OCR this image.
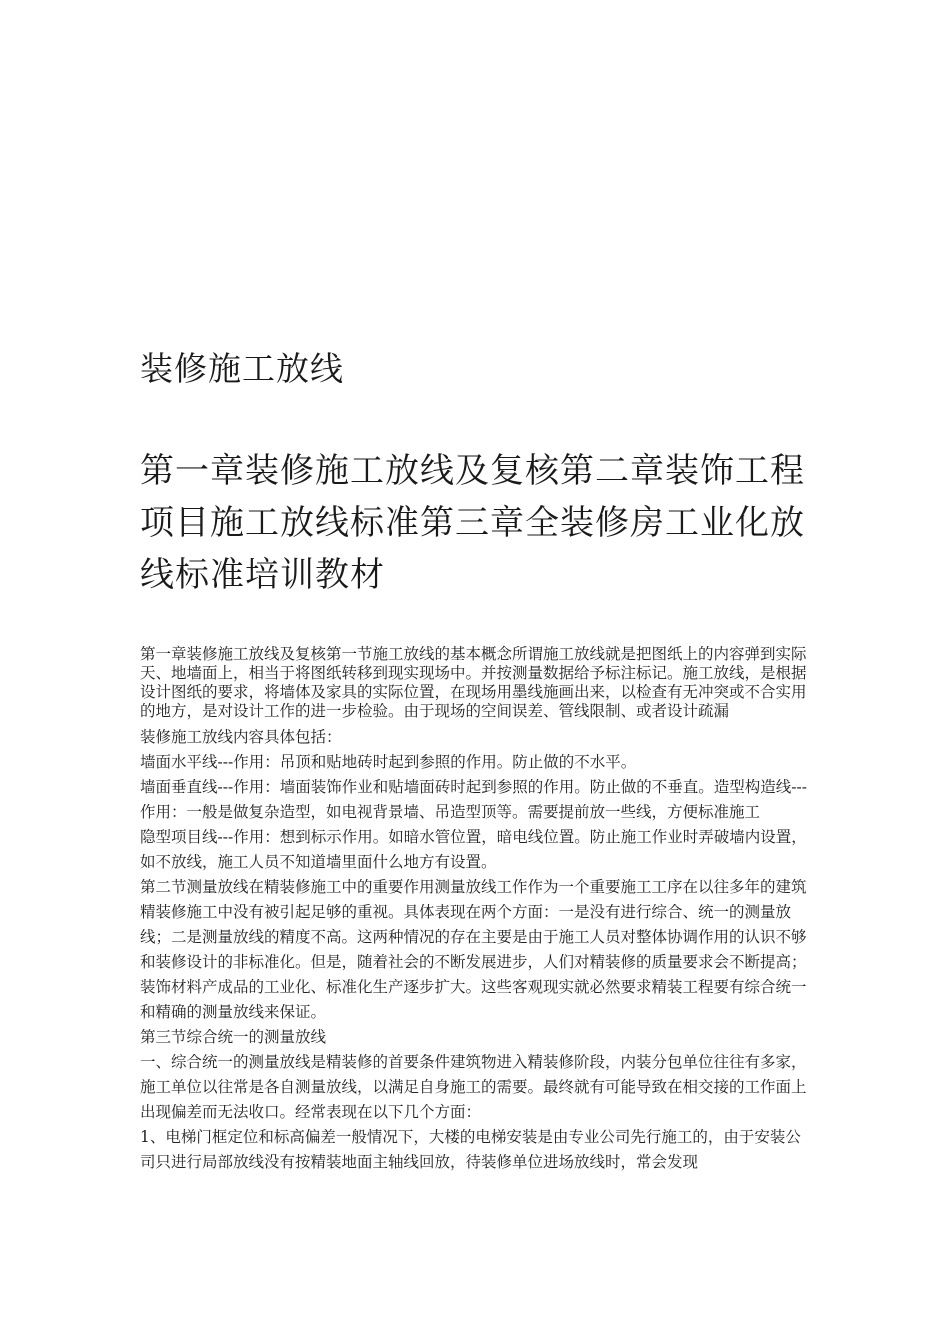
装修施工放线
第一章装修施工放线及复核第二章装饰工程项目施工放线标准第三章全装修房工业化放线标准培训教材

第一章装修施工放线及复核第一节施工放线的基本概念所谓施工放线就是把图纸上的内容弹到实际天、地墙面上，相当于将图纸转移到现实现场中。并按测量数据给予标注标记。施工放线，是根据设计图纸的要求，将墙体及家具的实际位置，在现场用墨线施画出来，以检查有无冲突或不合实用的地方，是对设计工作的进一步检验。由于现场的空间误差、管线限制、或者设计疏漏

装修施工放线内容具体包括：

墙面水平线---作用：吊顶和贴地砖时起到参照的作用。防止做的不水平。

墙面垂直线---作用：墙面装饰作业和贴墙面砖时起到参照的作用。防止做的不垂直。造型构造线---作用：一般是做复杂造型，如电视背景墙、吊造型顶等。需要提前放一些线，方便标准施工

隐型项目线---作用：想到标示作用。如暗水管位置，暗电线位置。防止施工作业时弄破墙内设置，如不放线，施工人员不知道墙里面什么地方有设置。

第二节测量放线在精装修施工中的重要作用测量放线工作作为一个重要施工工序在以往多年的建筑精装修施工中没有被引起足够的重视。具体表现在两个方面：一是没有进行综合、统一的测量放线；二是测量放线的精度不高。这两种情况的存在主要是由于施工人员对整体协调作用的认识不够和装修设计的非标准化。但是，随着社会的不断发展进步，人们对精装修的质量要求会不断提高；装饰材料产成品的工业化、标准化生产逐步扩大。这些客观现实就必然要求精装工程要有综合统一和精确的测量放线来保证。

第三节综合统一的测量放线

一、综合统一的测量放线是精装修的首要条件建筑物进入精装修阶段，内装分包单位往往有多家，施工单位以往常是各自测量放线，以满足自身施工的需要。最终就有可能导致在相交接的工作面上出现偏差而无法收口。经常表现在以下几个方面：

1、电梯门框定位和标高偏差一般情况下，大楼的电梯安装是由专业公司先行施工的，由于安装公司只进行局部放线没有按精装地面主轴线回放，待装修单位进场放线时，常会发现
